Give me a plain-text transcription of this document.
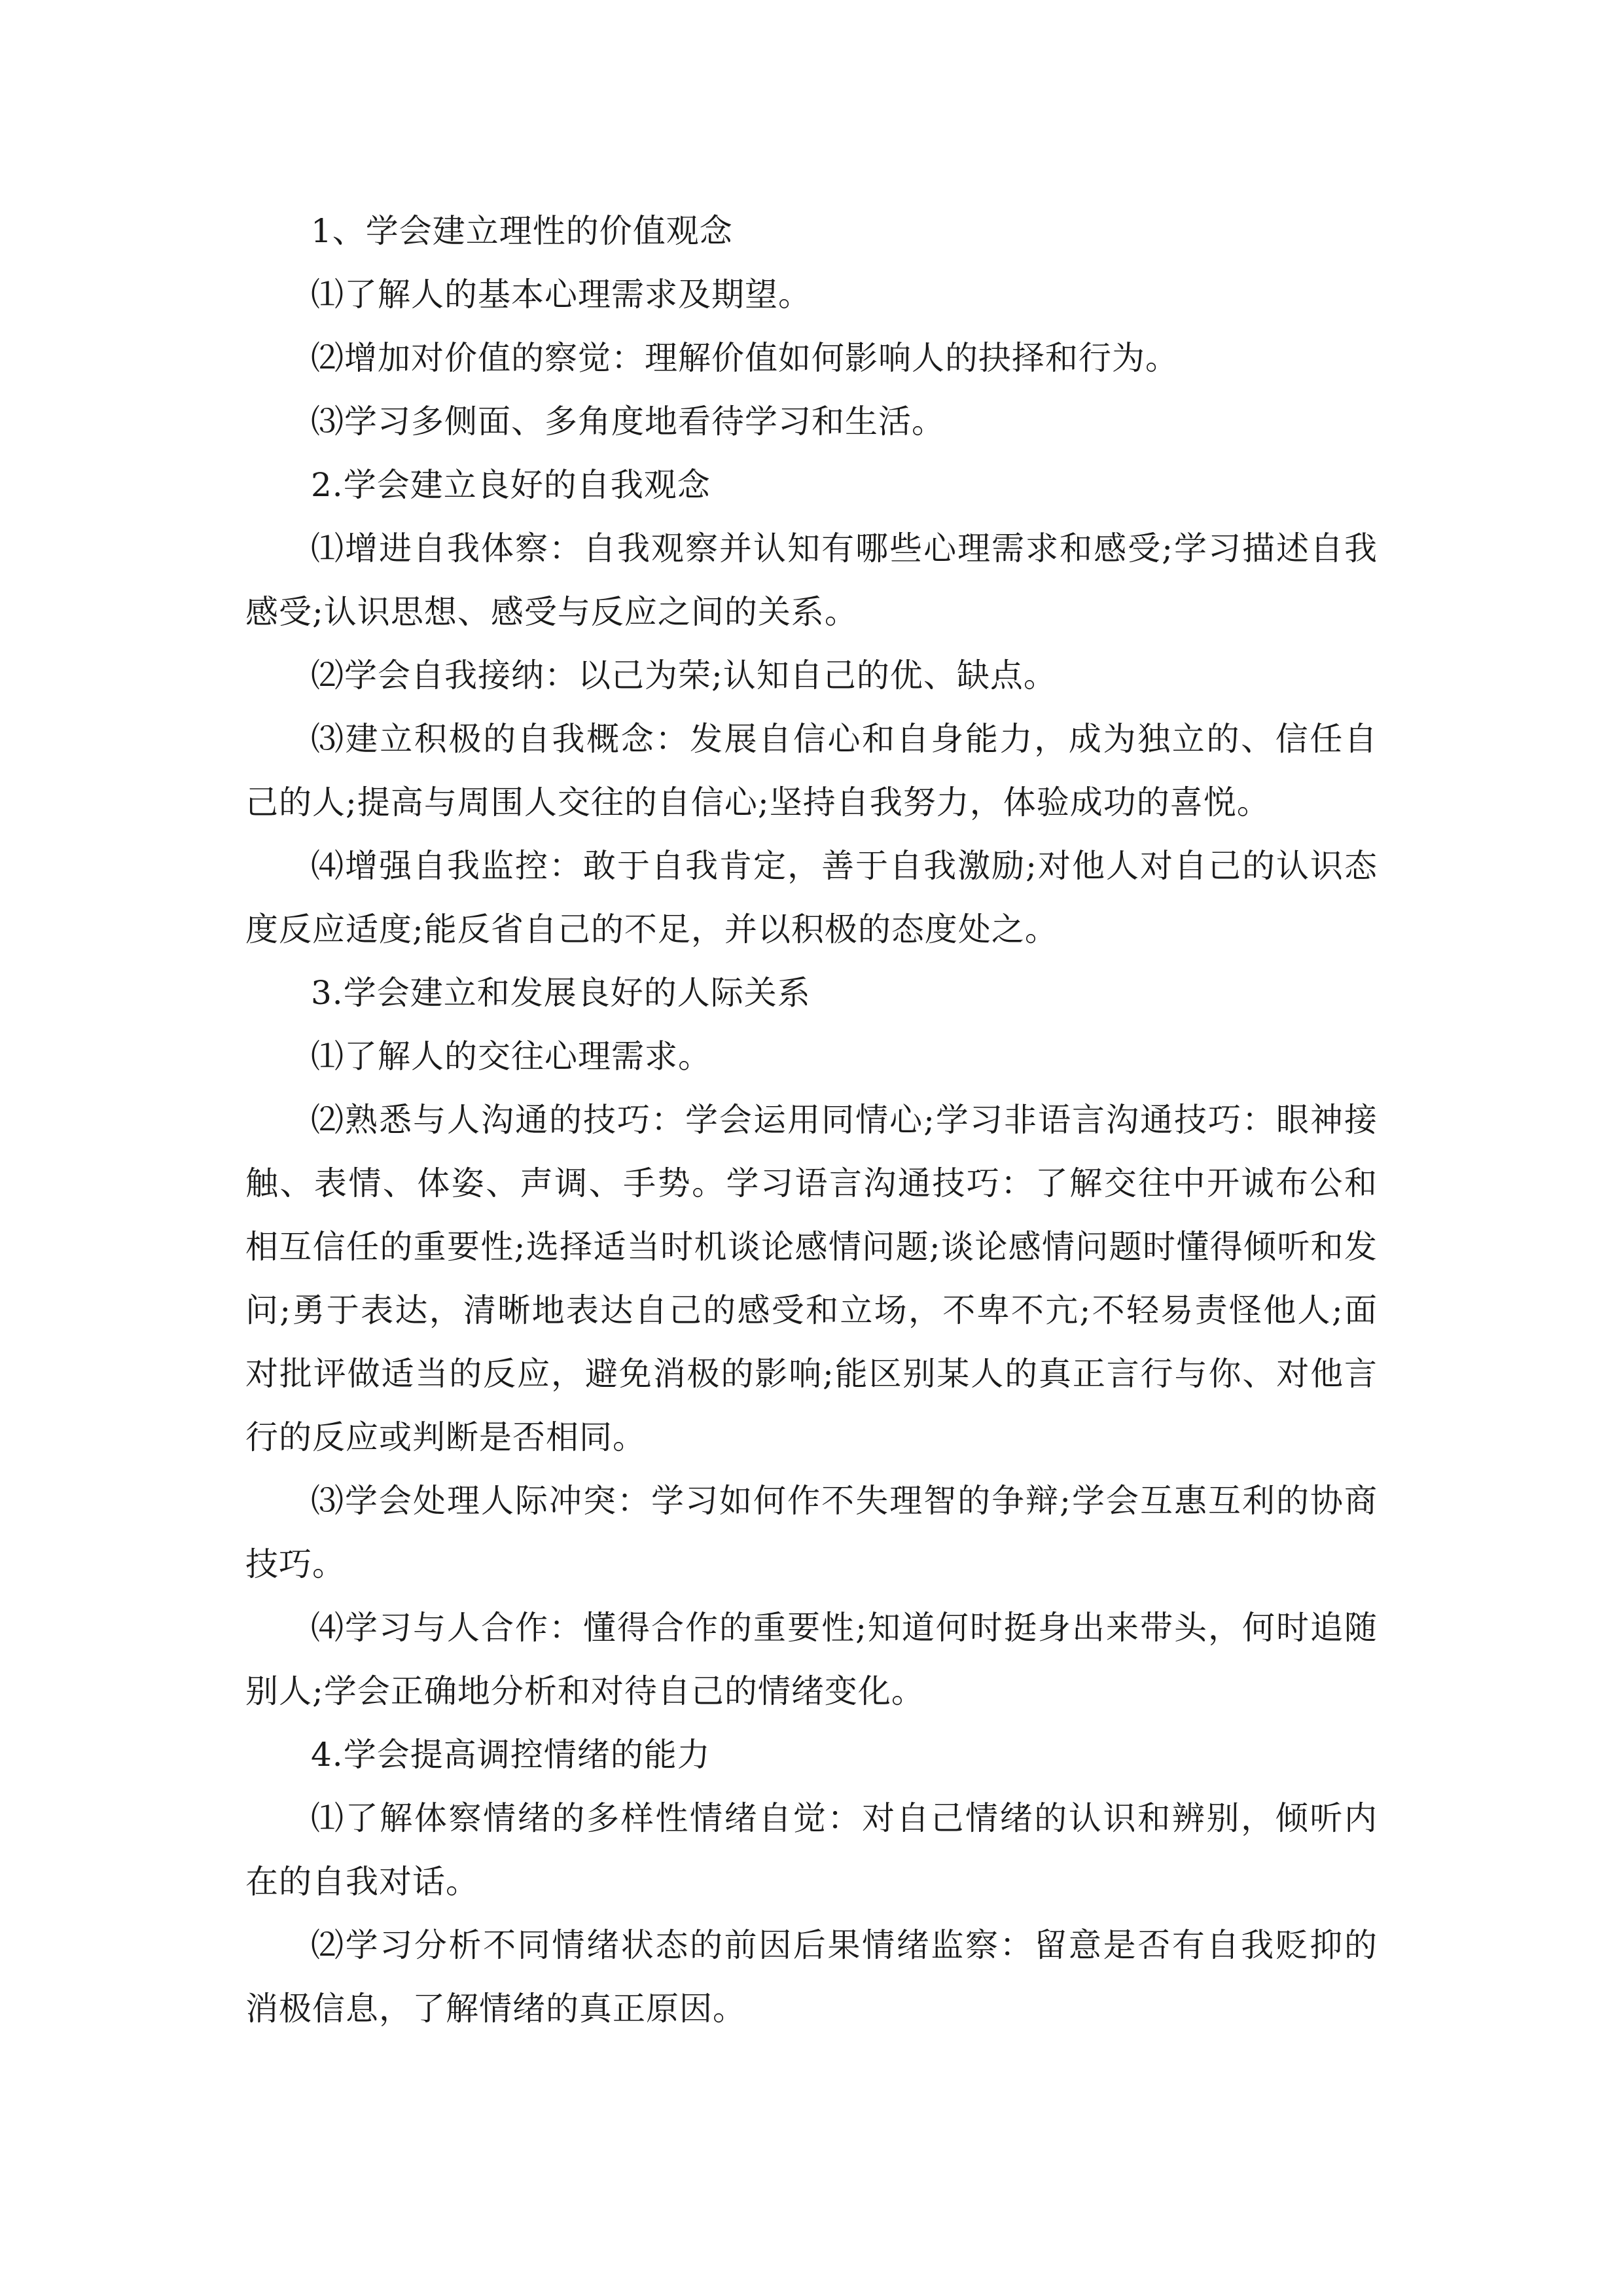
1、学会建立理性的价值观念

⑴了解人的基本心理需求及期望。

⑵增加对价值的察觉：理解价值如何影响人的抉择和行为。

⑶学习多侧面、多角度地看待学习和生活。

2.学会建立良好的自我观念

⑴增进自我体察：自我观察并认知有哪些心理需求和感受;学习描述自我感受;认识思想、感受与反应之间的关系。

⑵学会自我接纳：以己为荣;认知自己的优、缺点。

⑶建立积极的自我概念：发展自信心和自身能力，成为独立的、信任自己的人;提高与周围人交往的自信心;坚持自我努力，体验成功的喜悦。

⑷增强自我监控：敢于自我肯定，善于自我激励;对他人对自己的认识态度反应适度;能反省自己的不足，并以积极的态度处之。

3.学会建立和发展良好的人际关系

⑴了解人的交往心理需求。

⑵熟悉与人沟通的技巧：学会运用同情心;学习非语言沟通技巧：眼神接触、表情、体姿、声调、手势。学习语言沟通技巧：了解交往中开诚布公和相互信任的重要性;选择适当时机谈论感情问题;谈论感情问题时懂得倾听和发问;勇于表达，清晰地表达自己的感受和立场，不卑不亢;不轻易责怪他人;面对批评做适当的反应，避免消极的影响;能区别某人的真正言行与你、对他言行的反应或判断是否相同。

⑶学会处理人际冲突：学习如何作不失理智的争辩;学会互惠互利的协商技巧。

⑷学习与人合作：懂得合作的重要性;知道何时挺身出来带头，何时追随别人;学会正确地分析和对待自己的情绪变化。

4.学会提高调控情绪的能力

⑴了解体察情绪的多样性情绪自觉：对自己情绪的认识和辨别，倾听内在的自我对话。

⑵学习分析不同情绪状态的前因后果情绪监察：留意是否有自我贬抑的消极信息，了解情绪的真正原因。
